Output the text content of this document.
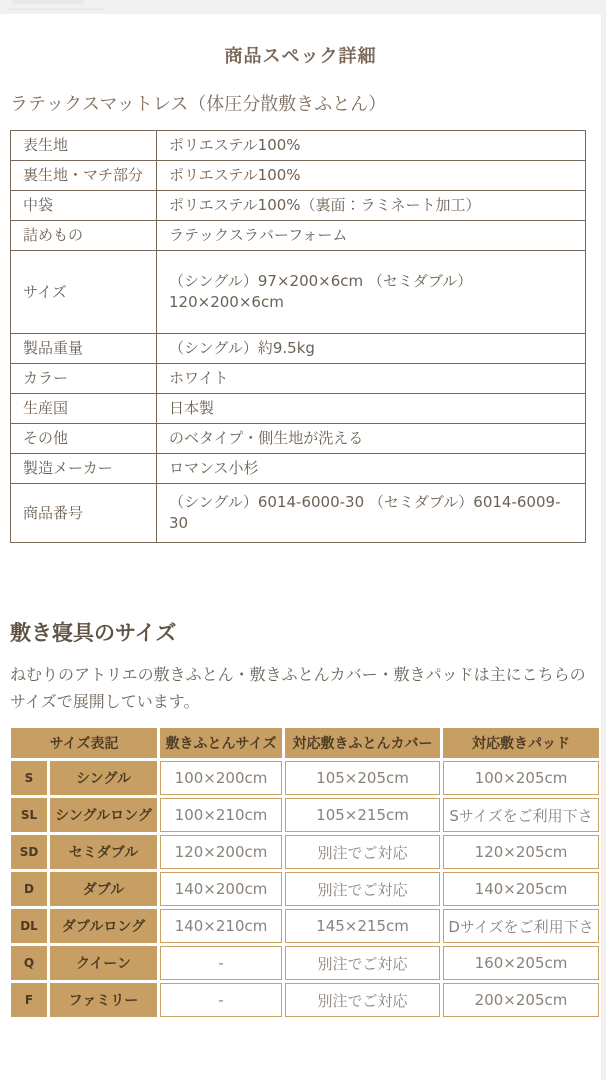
商品スペック詳細
ラテックスマットレス（体圧分散敷きふとん）
表生地	ポリエステル100%
裏生地・マチ部分	ポリエステル100%
中袋	ポリエステル100%（裏面：ラミネート加工）
詰めもの	ラテックスラバーフォーム
サイズ	（シングル）97×200×6cm （セミダブル）120×200×6cm
製品重量	（シングル）約9.5kg
カラー	ホワイト
生産国	日本製
その他	のベタイプ・側生地が洗える
製造メーカー	ロマンス小杉
商品番号	（シングル）6014-6000-30 （セミダブル）6014-6009-30
敷き寝具のサイズ

ねむりのアトリエの敷きふとん・敷きふとんカバー・敷きパッドは主にこちらのサイズで展開しています。

サイズ表記		敷きふとんサイズ	対応敷きふとんカバー	対応敷きパッド
S	シングル	100×200cm	105×205cm	100×205cm
SL	シングルロング	100×210cm	105×215cm	Sサイズをご利用下さ
SD	セミダブル	120×200cm	別注でご対応	120×205cm
D	ダブル	140×200cm	別注でご対応	140×205cm
DL	ダブルロング	140×210cm	145×215cm	Dサイズをご利用下さ
Q	クイーン	-	別注でご対応	160×205cm
F	ファミリー	-	別注でご対応	200×205cm
